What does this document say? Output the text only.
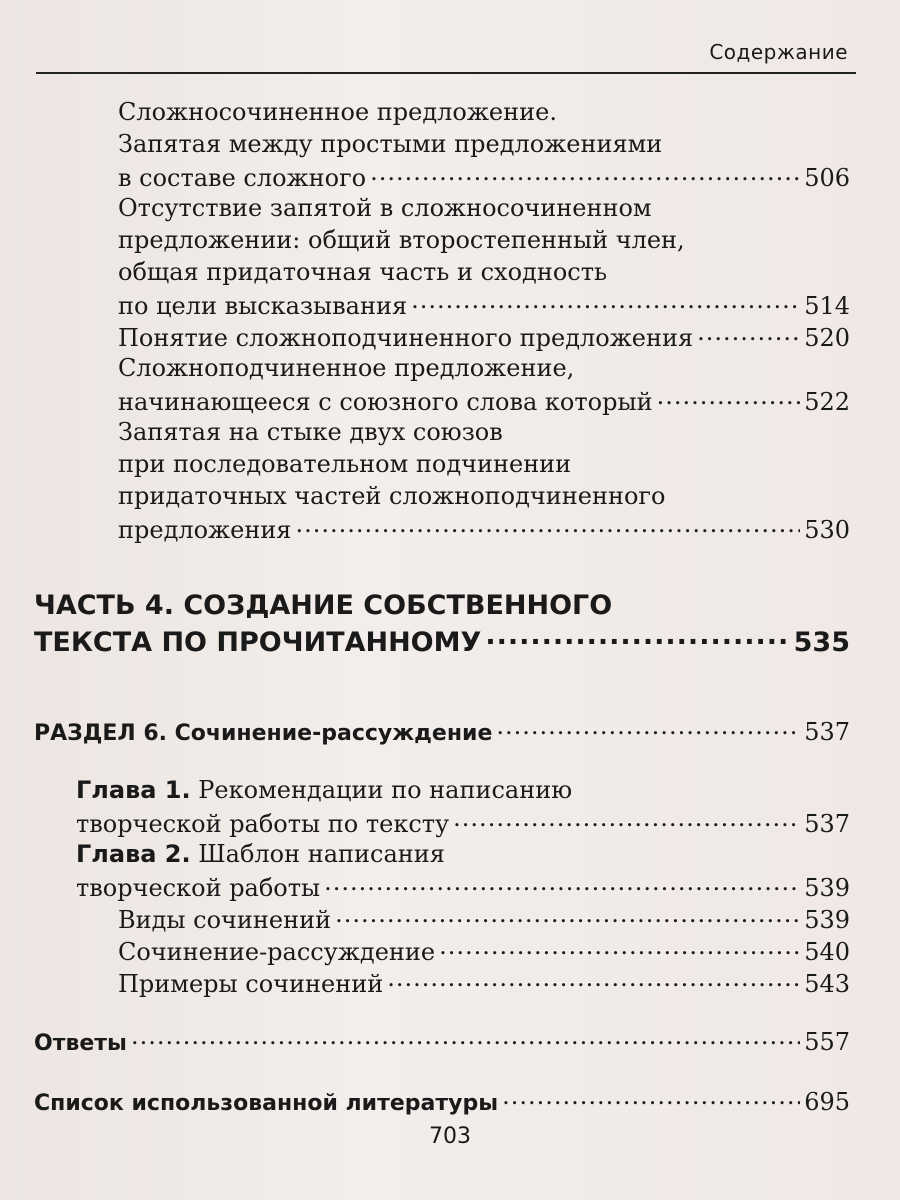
Содержание
Сложносочиненное предложение.
Запятая между простыми предложениями
в составе сложного .....	506
Отсутствие запятой в сложносочиненном
предложении: общий второстепенный член,
общая придаточная часть и сходность
по цели высказывания .....	514
Понятие сложноподчиненного предложения .....	520
Сложноподчиненное предложение,
начинающееся с союзного слова который .....	522
Запятая на стыке двух союзов
при последовательном подчинении
придаточных частей сложноподчиненного
предложения .....	530
ЧАСТЬ 4. СОЗДАНИЕ СОБСТВЕННОГО
ТЕКСТА ПО ПРОЧИТАННОМУ .....	535
РАЗДЕЛ 6. Сочинение-рассуждение .....	537
Глава 1. Рекомендации по написанию
творческой работы по тексту .....	537
Глава 2. Шаблон написания
творческой работы .....	539
Виды сочинений .....	539
Сочинение-рассуждение .....	540
Примеры сочинений .....	543
Ответы .....	557
Список использованной литературы .....	695
703
